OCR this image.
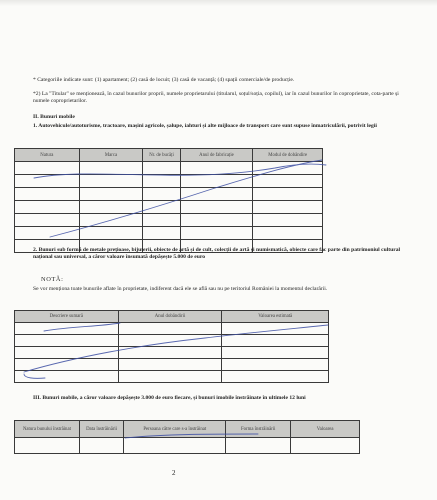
* Categoriile indicate sunt: (1) apartament; (2) casă de locuit; (3) casă de vacanță; (4) spații comerciale/de producție.
*2) La "Titular" se menționează, în cazul bunurilor proprii, numele proprietarului (titularul, soțul/soția, copilul), iar în cazul bunurilor în coproprietate, cota-parte și numele coproprietarilor.
II. Bunuri mobile
1. Autovehicule/autoturisme, tractoare, mașini agricole, șalupe, iahturi și alte mijloace de transport care sunt supuse înmatriculării, potrivit legii
Natura	Marca	Nr. de bucăți	Anul de fabricație	Modul de dobândire

2. Bunuri sub formă de metale prețioase, bijuterii, obiecte de artă și de cult, colecții de artă și numismatică, obiecte care fac parte din patrimoniul cultural național sau universal, a căror valoare însumată depășește 5.000 de euro
NOTĂ:
Se vor menționa toate bunurile aflate în proprietate, indiferent dacă ele se află sau nu pe teritoriul României la momentul declarării.
Descriere sumară	Anul dobândirii	Valoarea estimată

III. Bunuri mobile, a căror valoare depășește 3.000 de euro fiecare, și bunuri imobile înstrăinate în ultimele 12 luni
Natura bunului înstrăinat	Data înstrăinării	Persoana către care s-a înstrăinat	Forma înstrăinării	Valoarea

2
